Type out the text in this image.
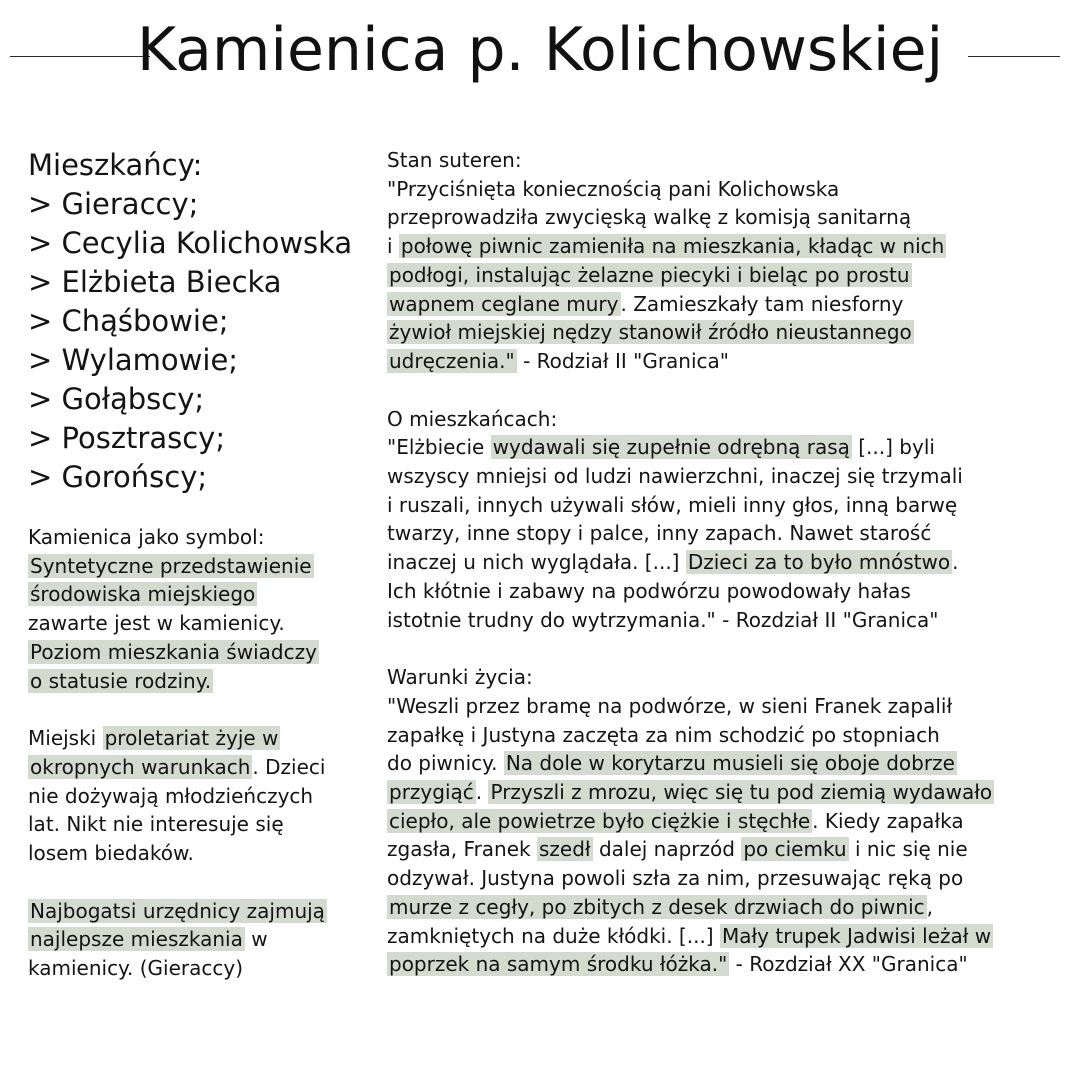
Kamienica p. Kolichowskiej
Mieszkańcy:
> Gieraccy;
> Cecylia Kolichowska
> Elżbieta Biecka
> Chąśbowie;
> Wylamowie;
> Gołąbscy;
> Posztrascy;
> Gorońscy;
Kamienica jako symbol:
Syntetyczne przedstawienie
środowiska miejskiego
zawarte jest w kamienicy.
Poziom mieszkania świadczy
o statusie rodziny.
Miejski proletariat żyje w
okropnych warunkach . Dzieci
nie dożywają młodzieńczych
lat. Nikt nie interesuje się
losem biedaków.
Najbogatsi urzędnicy zajmują
najlepsze mieszkania w
kamienicy. (Gieraccy)
Stan suteren:
"Przyciśnięta koniecznością pani Kolichowska
przeprowadziła zwycięską walkę z komisją sanitarną
i połowę piwnic zamieniła na mieszkania, kładąc w nich
podłogi, instalując żelazne piecyki i bieląc po prostu
wapnem ceglane mury . Zamieszkały tam niesforny
żywioł miejskiej nędzy stanowił źródło nieustannego
udręczenia." - Rodział II "Granica"
O mieszkańcach:
"Elżbiecie wydawali się zupełnie odrębną rasą [...] byli
wszyscy mniejsi od ludzi nawierzchni, inaczej się trzymali
i ruszali, innych używali słów, mieli inny głos, inną barwę
twarzy, inne stopy i palce, inny zapach. Nawet starość
inaczej u nich wyglądała. [...] Dzieci za to było mnóstwo .
Ich kłótnie i zabawy na podwórzu powodowały hałas
istotnie trudny do wytrzymania." - Rozdział II "Granica"
Warunki życia:
"Weszli przez bramę na podwórze, w sieni Franek zapalił
zapałkę i Justyna zaczęta za nim schodzić po stopniach
do piwnicy. Na dole w korytarzu musieli się oboje dobrze
przygiąć . Przyszli z mrozu, więc się tu pod ziemią wydawało
ciepło, ale powietrze było ciężkie i stęchłe . Kiedy zapałka
zgasła, Franek szedł dalej naprzód po ciemku i nic się nie
odzywał. Justyna powoli szła za nim, przesuwając ręką po
murze z cegły, po zbitych z desek drzwiach do piwnic ,
zamkniętych na duże kłódki. [...] Mały trupek Jadwisi leżał w
poprzek na samym środku łóżka." - Rozdział XX "Granica"
